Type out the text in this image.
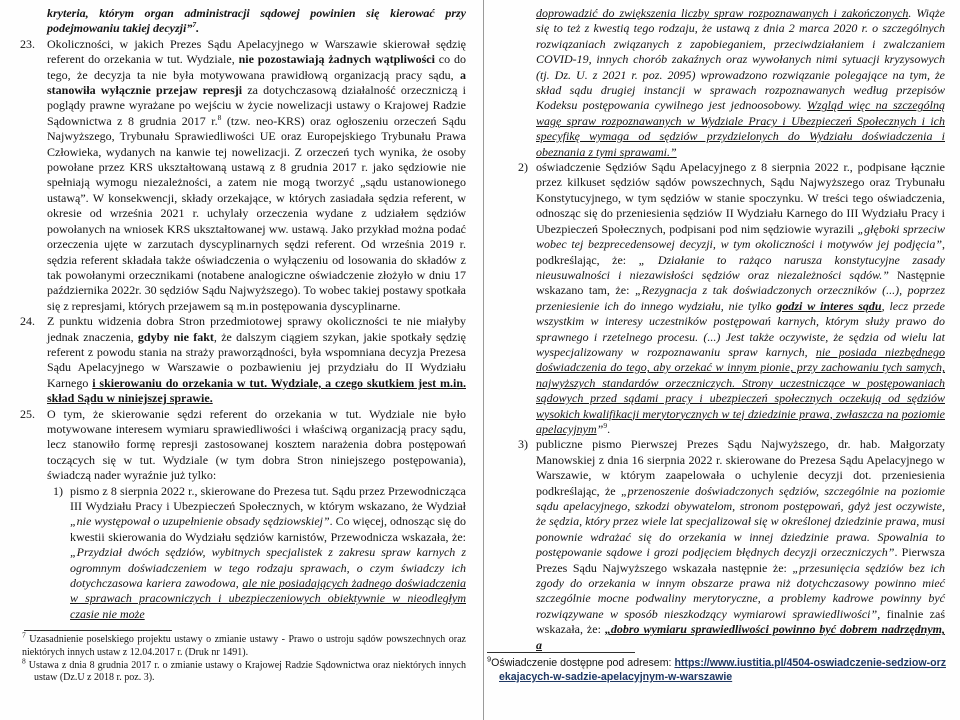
kryteria, którym organ administracji sądowej powinien się kierować przy podejmowaniu takiej decyzji”$^7$.

23.	Okoliczności, w jakich Prezes Sądu Apelacyjnego w Warszawie skierował sędzię referent do orzekania w tut. Wydziale, nie pozostawiają żadnych wątpliwości co do tego, że decyzja ta nie była motywowana prawidłową organizacją pracy sądu, a stanowiła wyłącznie przejaw represji za dotychczasową działalność orzeczniczą i poglądy prawne wyrażane po wejściu w życie nowelizacji ustawy o Krajowej Radzie Sądownictwa z 8 grudnia 2017 r.$^8$ (tzw. neo-KRS) oraz ogłoszeniu orzeczeń Sądu Najwyższego, Trybunału Sprawiedliwości UE oraz Europejskiego Trybunału Prawa Człowieka, wydanych na kanwie tej nowelizacji. Z orzeczeń tych wynika, że osoby powołane przez KRS ukształtowaną ustawą z 8 grudnia 2017 r. jako sędziowie nie spełniają wymogu niezależności, a zatem nie mogą tworzyć „sądu ustanowionego ustawą”. W konsekwencji, składy orzekające, w których zasiadała sędzia referent, w okresie od września 2021 r. uchylały orzeczenia wydane z udziałem sędziów powołanych na wniosek KRS ukształtowanej ww. ustawą. Jako przykład można podać orzeczenia ujęte w zarzutach dyscyplinarnych sędzi referent. Od września 2019 r. sędzia referent składała także oświadczenia o wyłączeniu od losowania do składów z tak powołanymi orzecznikami (notabene analogiczne oświadczenie złożyło w dniu 17 października 2022r. 30 sędziów Sądu Najwyższego). To wobec takiej postawy spotkała się z represjami, których przejawem są m.in postępowania dyscyplinarne.
24.	Z punktu widzenia dobra Stron przedmiotowej sprawy okoliczności te nie miałyby jednak znaczenia, gdyby nie fakt, że dalszym ciągiem szykan, jakie spotkały sędzię referent z powodu stania na straży praworządności, była wspomniana decyzja Prezesa Sądu Apelacyjnego w Warszawie o pozbawieniu jej przydziału do II Wydziału Karnego i skierowaniu do orzekania w tut. Wydziale, a czego skutkiem jest m.in. skład Sądu w niniejszej sprawie.
25.	O tym, że skierowanie sędzi referent do orzekania w tut. Wydziale nie było motywowane interesem wymiaru sprawiedliwości i właściwą organizacją pracy sądu, lecz stanowiło formę represji zastosowanej kosztem narażenia dobra postępowań toczących się w tut. Wydziale (w tym dobra Stron niniejszego postępowania), świadczą nader wyraźnie już tylko:
1) pismo z 8 sierpnia 2022 r., skierowane do Prezesa tut. Sądu przez Przewodnicząca III Wydziału Pracy i Ubezpieczeń Społecznych, w którym wskazano, że Wydział „nie występował o uzupełnienie obsady sędziowskiej”. Co więcej, odnosząc się do kwestii skierowania do Wydziału sędziów karnistów, Przewodnicza wskazała, że: „Przydział dwóch sędziów, wybitnych specjalistek z zakresu spraw karnych z ogromnym doświadczeniem w tego rodzaju sprawach, o czym świadczy ich dotychczasowa kariera zawodowa, ale nie posiadających żadnego doświadczenia w sprawach pracowniczych i ubezpieczeniowych obiektywnie w nieodległym czasie nie może

$^7$ Uzasadnienie poselskiego projektu ustawy o zmianie ustawy - Prawo o ustroju sądów powszechnych oraz niektórych innych ustaw z 12.04.2017 r. (Druk nr 1491).

$^8$ Ustawa z dnia 8 grudnia 2017 r. o zmianie ustawy o Krajowej Radzie Sądownictwa oraz niektórych innych ustaw (Dz.U z 2018 r. poz. 3).

doprowadzić do zwiększenia liczby spraw rozpoznawanych i zakończonych. Wiąże się to też z kwestią tego rodzaju, że ustawą z dnia 2 marca 2020 r. o szczególnych rozwiązaniach związanych z zapobieganiem, przeciwdziałaniem i zwalczaniem COVID-19, innych chorób zakaźnych oraz wywołanych nimi sytuacji kryzysowych (tj. Dz. U. z 2021 r. poz. 2095) wprowadzono rozwiązanie polegające na tym, że skład sądu drugiej instancji w sprawach rozpoznawanych według przepisów Kodeksu postępowania cywilnego jest jednoosobowy. Wzgląd więc na szczególną wagę spraw rozpoznawanych w Wydziale Pracy i Ubezpieczeń Społecznych i ich specyfikę wymaga od sędziów przydzielonych do Wydziału doświadczenia i obeznania z tymi sprawami.”

2) oświadczenie Sędziów Sądu Apelacyjnego z 8 sierpnia 2022 r., podpisane łącznie przez kilkuset sędziów sądów powszechnych, Sądu Najwyższego oraz Trybunału Konstytucyjnego, w tym sędziów w stanie spoczynku. W treści tego oświadczenia, odnosząc się do przeniesienia sędziów II Wydziału Karnego do III Wydziału Pracy i Ubezpieczeń Społecznych, podpisani pod nim sędziowie wyrazili „głęboki sprzeciw wobec tej bezprecedensowej decyzji, w tym okoliczności i motywów jej podjęcia”, podkreślając, że: „ Działanie to rażąco narusza konstytucyjne zasady nieusuwalności i niezawisłości sędziów oraz niezależności sądów.” Następnie wskazano tam, że: „Rezygnacja z tak doświadczonych orzeczników (...), poprzez przeniesienie ich do innego wydziału, nie tylko godzi w interes sądu, lecz przede wszystkim w interesy uczestników postępowań karnych, którym służy prawo do sprawnego i rzetelnego procesu. (...) Jest także oczywiste, że sędzia od wielu lat wyspecjalizowany w rozpoznawaniu spraw karnych, nie posiada niezbędnego doświadczenia do tego, aby orzekać w innym pionie, przy zachowaniu tych samych, najwyższych standardów orzeczniczych. Strony uczestniczące w postępowaniach sądowych przed sądami pracy i ubezpieczeń społecznych oczekują od sędziów wysokich kwalifikacji merytorycznych w tej dziedzinie prawa, zwłaszcza na poziomie apelacyjnym”$^9$.
3) publiczne pismo Pierwszej Prezes Sądu Najwyższego, dr. hab. Małgorzaty Manowskiej z dnia 16 sierpnia 2022 r. skierowane do Prezesa Sądu Apelacyjnego w Warszawie, w którym zaapelowała o uchylenie decyzji dot. przeniesienia podkreślając, że „przenoszenie doświadczonych sędziów, szczególnie na poziomie sądu apelacyjnego, szkodzi obywatelom, stronom postępowań, gdyż jest oczywiste, że sędzia, który przez wiele lat specjalizował się w określonej dziedzinie prawa, musi ponownie wdrażać się do orzekania w innej dziedzinie prawa. Spowalnia to postępowanie sądowe i grozi podjęciem błędnych decyzji orzeczniczych”. Pierwsza Prezes Sądu Najwyższego wskazała następnie że: „przesunięcia sędziów bez ich zgody do orzekania w innym obszarze prawa niż dotychczasowy powinno mieć szczególnie mocne podwaliny merytoryczne, a problemy kadrowe powinny być rozwiązywane w sposób nieszkodzący wymiarowi sprawiedliwości”, finalnie zaś wskazała, że: „dobro wymiaru sprawiedliwości powinno być dobrem nadrzędnym, a

$^9$Oświadczenie dostępne pod adresem: https://www.iustitia.pl/4504-oswiadczenie-sedziow-orzekajacych-w-sadzie-apelacyjnym-w-warszawie
